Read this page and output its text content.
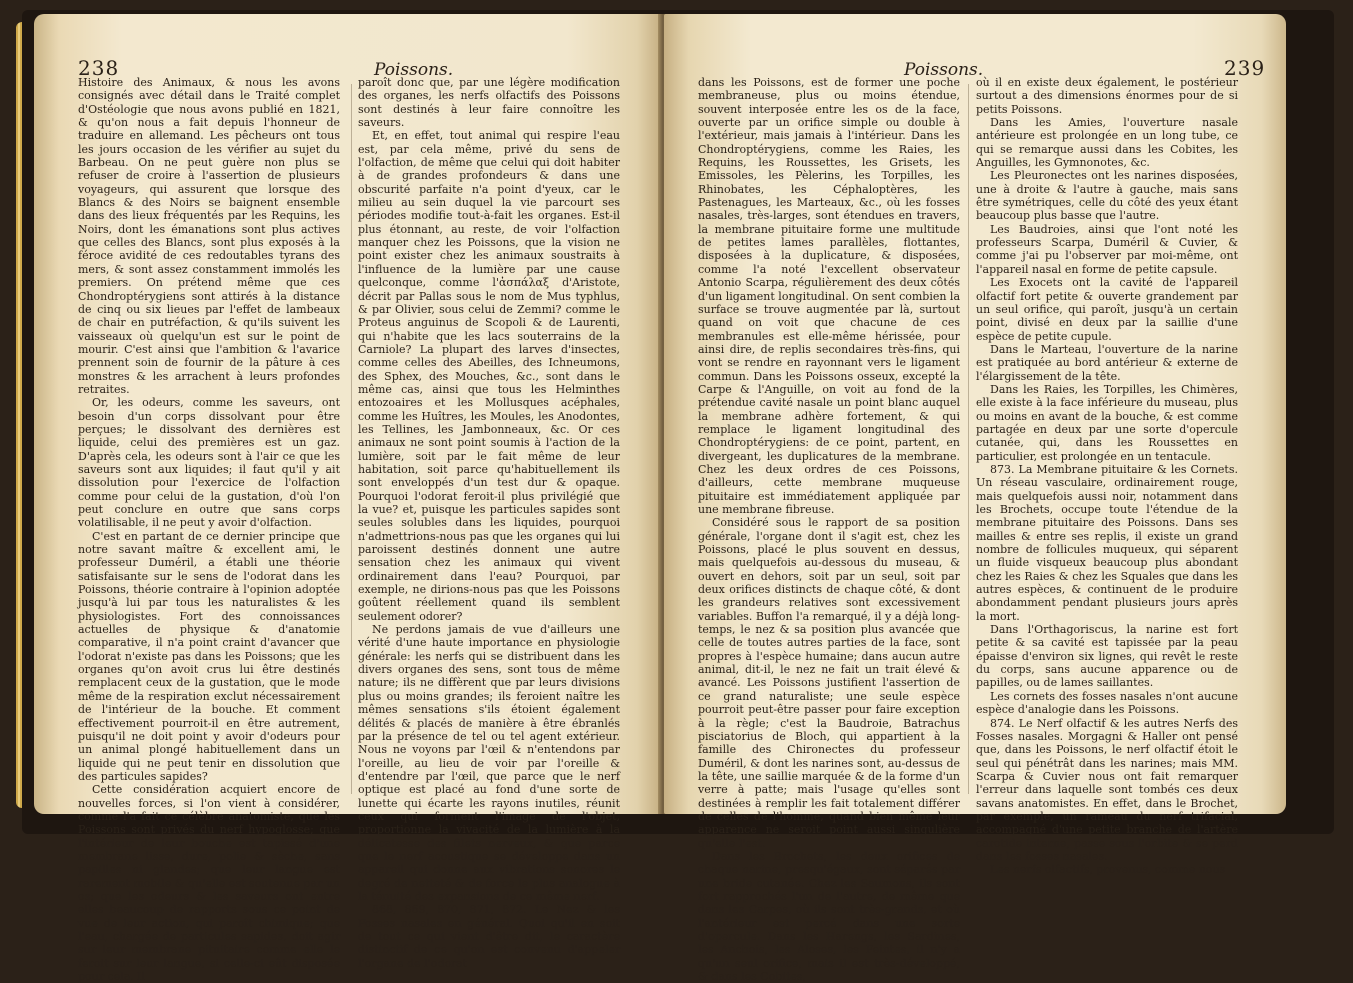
238	Poissons.

Histoire des Animaux, & nous les avons consignés avec détail dans le Traité complet d'Ostéologie que nous avons publié en 1821, & qu'on nous a fait depuis l'honneur de traduire en allemand. Les pêcheurs ont tous les jours occasion de les vérifier au sujet du Barbeau. On ne peut guère non plus se refuser de croire à l'assertion de plusieurs voyageurs, qui assurent que lorsque des Blancs & des Noirs se baignent ensemble dans des lieux fréquentés par les Requins, les Noirs, dont les émanations sont plus actives que celles des Blancs, sont plus exposés à la féroce avidité de ces redoutables tyrans des mers, & sont assez constamment immolés les premiers. On prétend même que ces Chondroptérygiens sont attirés à la distance de cinq ou six lieues par l'effet de lambeaux de chair en putréfaction, & qu'ils suivent les vaisseaux où quelqu'un est sur le point de mourir. C'est ainsi que l'ambition & l'avarice prennent soin de fournir de la pâture à ces monstres & les arrachent à leurs profondes retraites.

Or, les odeurs, comme les saveurs, ont besoin d'un corps dissolvant pour être perçues; le dissolvant des dernières est liquide, celui des premières est un gaz. D'après cela, les odeurs sont à l'air ce que les saveurs sont aux liquides; il faut qu'il y ait dissolution pour l'exercice de l'olfaction comme pour celui de la gustation, d'où l'on peut conclure en outre que sans corps volatilisable, il ne peut y avoir d'olfaction.

C'est en partant de ce dernier principe que notre savant maître & excellent ami, le professeur Duméril, a établi une théorie satisfaisante sur le sens de l'odorat dans les Poissons, théorie contraire à l'opinion adoptée jusqu'à lui par tous les naturalistes & les physiologistes. Fort des connoissances actuelles de physique & d'anatomie comparative, il n'a point craint d'avancer que l'odorat n'existe pas dans les Poissons; que les organes qu'on avoit crus lui être destinés remplacent ceux de la gustation, que le mode même de la respiration exclut nécessairement de l'intérieur de la bouche. Et comment effectivement pourroit-il en être autrement, puisqu'il ne doit point y avoir d'odeurs pour un animal plongé habituellement dans un liquide qui ne peut tenir en dissolution que des particules sapides?

Cette considération acquiert encore de nouvelles forces, si l'on vient à considérer, comme l'a fait ce célèbre anatomiste, que les Poissons sont privés du nerf hypoglosse; que l'intérieur de leur bouche est tapissé d'une membrane lisse, dure, polie & sèche, sans papilles ni glandes; que leur langue est rarement mobile & qu'elle est soutenue par un os; que les odeurs & les saveurs ont entre elles beaucoup de rapports sous ce point de vue de leur action, qui paroît chimique; que l'eau, chargée de particules sapides, doit agir sur leur membrane pituitaire comme elle le feroit sur leur langue, si celle-ci eût disposée pour cela. Il

paroît donc que, par une légère modification des organes, les nerfs olfactifs des Poissons sont destinés à leur faire connoître les saveurs.

Et, en effet, tout animal qui respire l'eau est, par cela même, privé du sens de l'olfaction, de même que celui qui doit habiter à de grandes profondeurs & dans une obscurité parfaite n'a point d'yeux, car le milieu au sein duquel la vie parcourt ses périodes modifie tout-à-fait les organes. Est-il plus étonnant, au reste, de voir l'olfaction manquer chez les Poissons, que la vision ne point exister chez les animaux soustraits à l'influence de la lumière par une cause quelconque, comme l'ἀσπάλαξ d'Aristote, décrit par Pallas sous le nom de Mus typhlus, & par Olivier, sous celui de Zemmi? comme le Proteus anguinus de Scopoli & de Laurenti, qui n'habite que les lacs souterrains de la Carniole? La plupart des larves d'insectes, comme celles des Abeilles, des Ichneumons, des Sphex, des Mouches, &c., sont dans le même cas, ainsi que tous les Helminthes entozoaires et les Mollusques acéphales, comme les Huîtres, les Moules, les Anodontes, les Tellines, les Jambonneaux, &c. Or ces animaux ne sont point soumis à l'action de la lumière, soit par le fait même de leur habitation, soit parce qu'habituellement ils sont enveloppés d'un test dur & opaque. Pourquoi l'odorat feroit-il plus privilégié que la vue? et, puisque les particules sapides sont seules solubles dans les liquides, pourquoi n'admettrions-nous pas que les organes qui lui paroissent destinés donnent une autre sensation chez les animaux qui vivent ordinairement dans l'eau? Pourquoi, par exemple, ne dirions-nous pas que les Poissons goûtent réellement quand ils semblent seulement odorer?

Ne perdons jamais de vue d'ailleurs une vérité d'une haute importance en physiologie générale: les nerfs qui se distribuent dans les divers organes des sens, sont tous de même nature; ils ne diffèrent que par leurs divisions plus ou moins grandes; ils feroient naître les mêmes sensations s'ils étoient également délités & placés de manière à être ébranlés par la présence de tel ou tel agent extérieur. Nous ne voyons par l'œil & n'entendons par l'oreille, au lieu de voir par l'oreille & d'entendre par l'œil, que parce que le nerf optique est placé au fond d'une sorte de lunette qui écarte les rayons inutiles, réunit ceux qui forment l'image de l'objet, proportionne la vivacité de la lumière à la délicatesse des filets nerveux, & que parce que le nerf acoustique se développe dans un appareil qui donne aux vibrations sonores le degré de netteté & de force le plus analogue à la ténuité des expansions de ce même nerf.

868, 869, 870, 871, 872. Le Nez & les Fosses nasales en général. Quoi qu'il en soit de tout ce qui vient d'être dit, le caractère distinctif de ce qu'on est convenu d'appeler l'organe de l'odorat

Poissons.	239

dans les Poissons, est de former une poche membraneuse, plus ou moins étendue, souvent interposée entre les os de la face, ouverte par un orifice simple ou double à l'extérieur, mais jamais à l'intérieur. Dans les Chondroptérygiens, comme les Raies, les Requins, les Roussettes, les Grisets, les Emissoles, les Pèlerins, les Torpilles, les Rhinobates, les Céphaloptères, les Pastenagues, les Marteaux, &c., où les fosses nasales, très-larges, sont étendues en travers, la membrane pituitaire forme une multitude de petites lames parallèles, flottantes, disposées à la duplicature, & disposées, comme l'a noté l'excellent observateur Antonio Scarpa, régulièrement des deux côtés d'un ligament longitudinal. On sent combien la surface se trouve augmentée par là, surtout quand on voit que chacune de ces membranules est elle-même hérissée, pour ainsi dire, de replis secondaires très-fins, qui vont se rendre en rayonnant vers le ligament commun. Dans les Poissons osseux, excepté la Carpe & l'Anguille, on voit au fond de la prétendue cavité nasale un point blanc auquel la membrane adhère fortement, & qui remplace le ligament longitudinal des Chondroptérygiens: de ce point, partent, en divergeant, les duplicatures de la membrane. Chez les deux ordres de ces Poissons, d'ailleurs, cette membrane muqueuse pituitaire est immédiatement appliquée par une membrane fibreuse.

Considéré sous le rapport de sa position générale, l'organe dont il s'agit est, chez les Poissons, placé le plus souvent en dessus, mais quelquefois au-dessous du museau, & ouvert en dehors, soit par un seul, soit par deux orifices distincts de chaque côté, & dont les grandeurs relatives sont excessivement variables. Buffon l'a remarqué, il y a déjà long-temps, le nez & sa position plus avancée que celle de toutes autres parties de la face, sont propres à l'espèce humaine; dans aucun autre animal, dit-il, le nez ne fait un trait élevé & avancé. Les Poissons justifient l'assertion de ce grand naturaliste; une seule espèce pourroit peut-être passer pour faire exception à la règle; c'est la Baudroie, Batrachus pisciatorius de Bloch, qui appartient à la famille des Chironectes du professeur Duméril, & dont les narines sont, au-dessus de la tête, une saillie marquée & de la forme d'un verre à patte; mais l'usage qu'elles sont destinées à remplir les fait totalement différer de celles de l'homme, quand bien même leur apparence ne seroit point aussi singulière qu'elle l'est.

Dans les Brochets, les deux orifices de chaque narine, presqu'égaux, sont séparés par une bride cutanée. Chez les Saumons, ils sont fort rapprochés l'un de l'autre, de même que dans les Carpes, où ils sont très-grands, et où l'antérieur est percé dans une sorte d'opercule. Dans les Harengs, les Sardines, les Anchois, les Aloses, les Feintes, il n'y a qu'un seul orifice, mais il est très-développé, & dans les Cobites,

où il en existe deux également, le postérieur surtout a des dimensions énormes pour de si petits Poissons.

Dans les Amies, l'ouverture nasale antérieure est prolongée en un long tube, ce qui se remarque aussi dans les Cobites, les Anguilles, les Gymnonotes, &c.

Les Pleuronectes ont les narines disposées, une à droite & l'autre à gauche, mais sans être symétriques, celle du côté des yeux étant beaucoup plus basse que l'autre.

Les Baudroies, ainsi que l'ont noté les professeurs Scarpa, Duméril & Cuvier, & comme j'ai pu l'observer par moi-même, ont l'appareil nasal en forme de petite capsule.

Les Exocets ont la cavité de l'appareil olfactif fort petite & ouverte grandement par un seul orifice, qui paroît, jusqu'à un certain point, divisé en deux par la saillie d'une espèce de petite cupule.

Dans le Marteau, l'ouverture de la narine est pratiquée au bord antérieur & externe de l'élargissement de la tête.

Dans les Raies, les Torpilles, les Chimères, elle existe à la face inférieure du museau, plus ou moins en avant de la bouche, & est comme partagée en deux par une sorte d'opercule cutanée, qui, dans les Roussettes en particulier, est prolongée en un tentacule.

873. La Membrane pituitaire & les Cornets. Un réseau vasculaire, ordinairement rouge, mais quelquefois aussi noir, notamment dans les Brochets, occupe toute l'étendue de la membrane pituitaire des Poissons. Dans ses mailles & entre ses replis, il existe un grand nombre de follicules muqueux, qui séparent un fluide visqueux beaucoup plus abondant chez les Raies & chez les Squales que dans les autres espèces, & continuent de le produire abondamment pendant plusieurs jours après la mort.

Dans l'Orthagoriscus, la narine est fort petite & sa cavité est tapissée par la peau épaisse d'environ six lignes, qui revêt le reste du corps, sans aucune apparence ou de papilles, ou de lames saillantes.

Les cornets des fosses nasales n'ont aucune espèce d'analogie dans les Poissons.

874. Le Nerf olfactif & les autres Nerfs des Fosses nasales. Morgagni & Haller ont pensé que, dans les Poissons, le nerf olfactif étoit le seul qui pénétrât dans les narines; mais MM. Scarpa & Cuvier nous ont fait remarquer l'erreur dans laquelle sont tombés ces deux savans anatomistes. En effet, dans le Brochet, par exemple, un rameau du nerf trifacial, accompagné d'une petite branche de l'artère carotide interne, passe sous l'orbite & se perd dans les fosses nasales.

Les nerfs olfactifs, provenus, comme nous
